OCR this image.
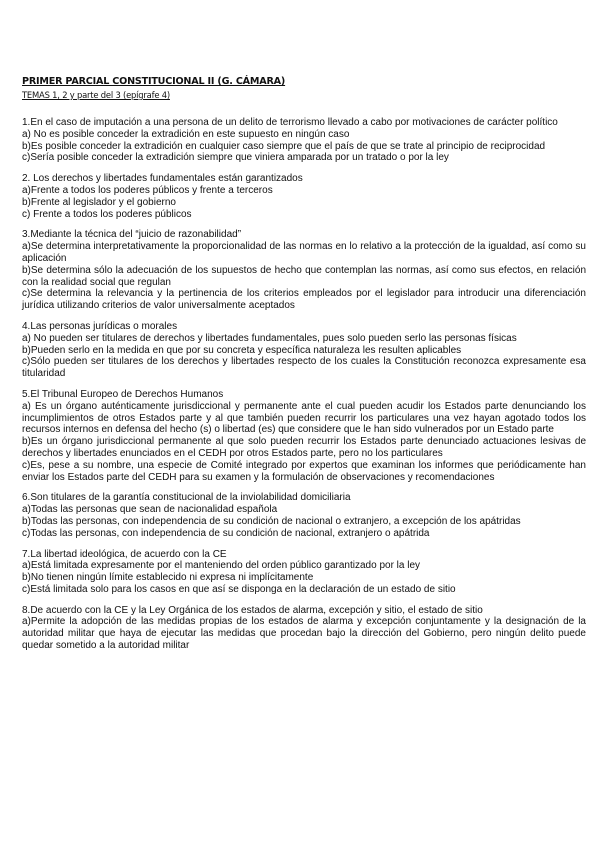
PRIMER PARCIAL CONSTITUCIONAL II (G. CÁMARA)
TEMAS 1, 2 y parte del 3 (epígrafe 4)

1.En el caso de imputación a una persona de un delito de terrorismo llevado a cabo por motivaciones de carácter político

a) No es posible conceder la extradición en este supuesto en ningún caso

b)Es posible conceder la extradición en cualquier caso siempre que el país de que se trate al principio de reciprocidad

c)Sería posible conceder la extradición siempre que viniera amparada por un tratado o por la ley

2. Los derechos y libertades fundamentales están garantizados

a)Frente a todos los poderes públicos y frente a terceros

b)Frente al legislador y el gobierno

c) Frente a todos los poderes públicos

3.Mediante la técnica del “juicio de razonabilidad”

a)Se determina interpretativamente la proporcionalidad de las normas en lo relativo a la protección de la igualdad, así como su aplicación

b)Se determina sólo la adecuación de los supuestos de hecho que contemplan las normas, así como sus efectos, en relación con la realidad social que regulan

c)Se determina la relevancia y la pertinencia de los criterios empleados por el legislador para introducir una diferenciación jurídica utilizando criterios de valor universalmente aceptados

4.Las personas jurídicas o morales

a) No pueden ser titulares de derechos y libertades fundamentales, pues solo pueden serlo las personas físicas

b)Pueden serlo en la medida en que por su concreta y específica naturaleza les resulten aplicables

c)Sólo pueden ser titulares de los derechos y libertades respecto de los cuales la Constitución reconozca expresamente esa titularidad

5.El Tribunal Europeo de Derechos Humanos

a) Es un órgano auténticamente jurisdiccional y permanente ante el cual pueden acudir los Estados parte denunciando los incumplimientos de otros Estados parte y al que también pueden recurrir los particulares una vez hayan agotado todos los recursos internos en defensa del hecho (s) o libertad (es) que considere que le han sido vulnerados por un Estado parte

b)Es un órgano jurisdiccional permanente al que solo pueden recurrir los Estados parte denunciado actuaciones lesivas de derechos y libertades enunciados en el CEDH por otros Estados parte, pero no los particulares

c)Es, pese a su nombre, una especie de Comité integrado por expertos que examinan los informes que periódicamente han enviar los Estados parte del CEDH para su examen y la formulación de observaciones y recomendaciones

6.Son titulares de la garantía constitucional de la inviolabilidad domiciliaria

a)Todas las personas que sean de nacionalidad española

b)Todas las personas, con independencia de su condición de nacional o extranjero, a excepción de los apátridas

c)Todas las personas, con independencia de su condición de nacional, extranjero o apátrida

7.La libertad ideológica, de acuerdo con la CE

a)Está limitada expresamente por el manteniendo del orden público garantizado por la ley

b)No tienen ningún límite establecido ni expresa ni implícitamente

c)Está limitada solo para los casos en que así se disponga en la declaración de un estado de sitio

8.De acuerdo con la CE y la Ley Orgánica de los estados de alarma, excepción y sitio, el estado de sitio

a)Permite la adopción de las medidas propias de los estados de alarma y excepción conjuntamente y la designación de la autoridad militar que haya de ejecutar las medidas que procedan bajo la dirección del Gobierno, pero ningún delito puede quedar sometido a la autoridad militar
